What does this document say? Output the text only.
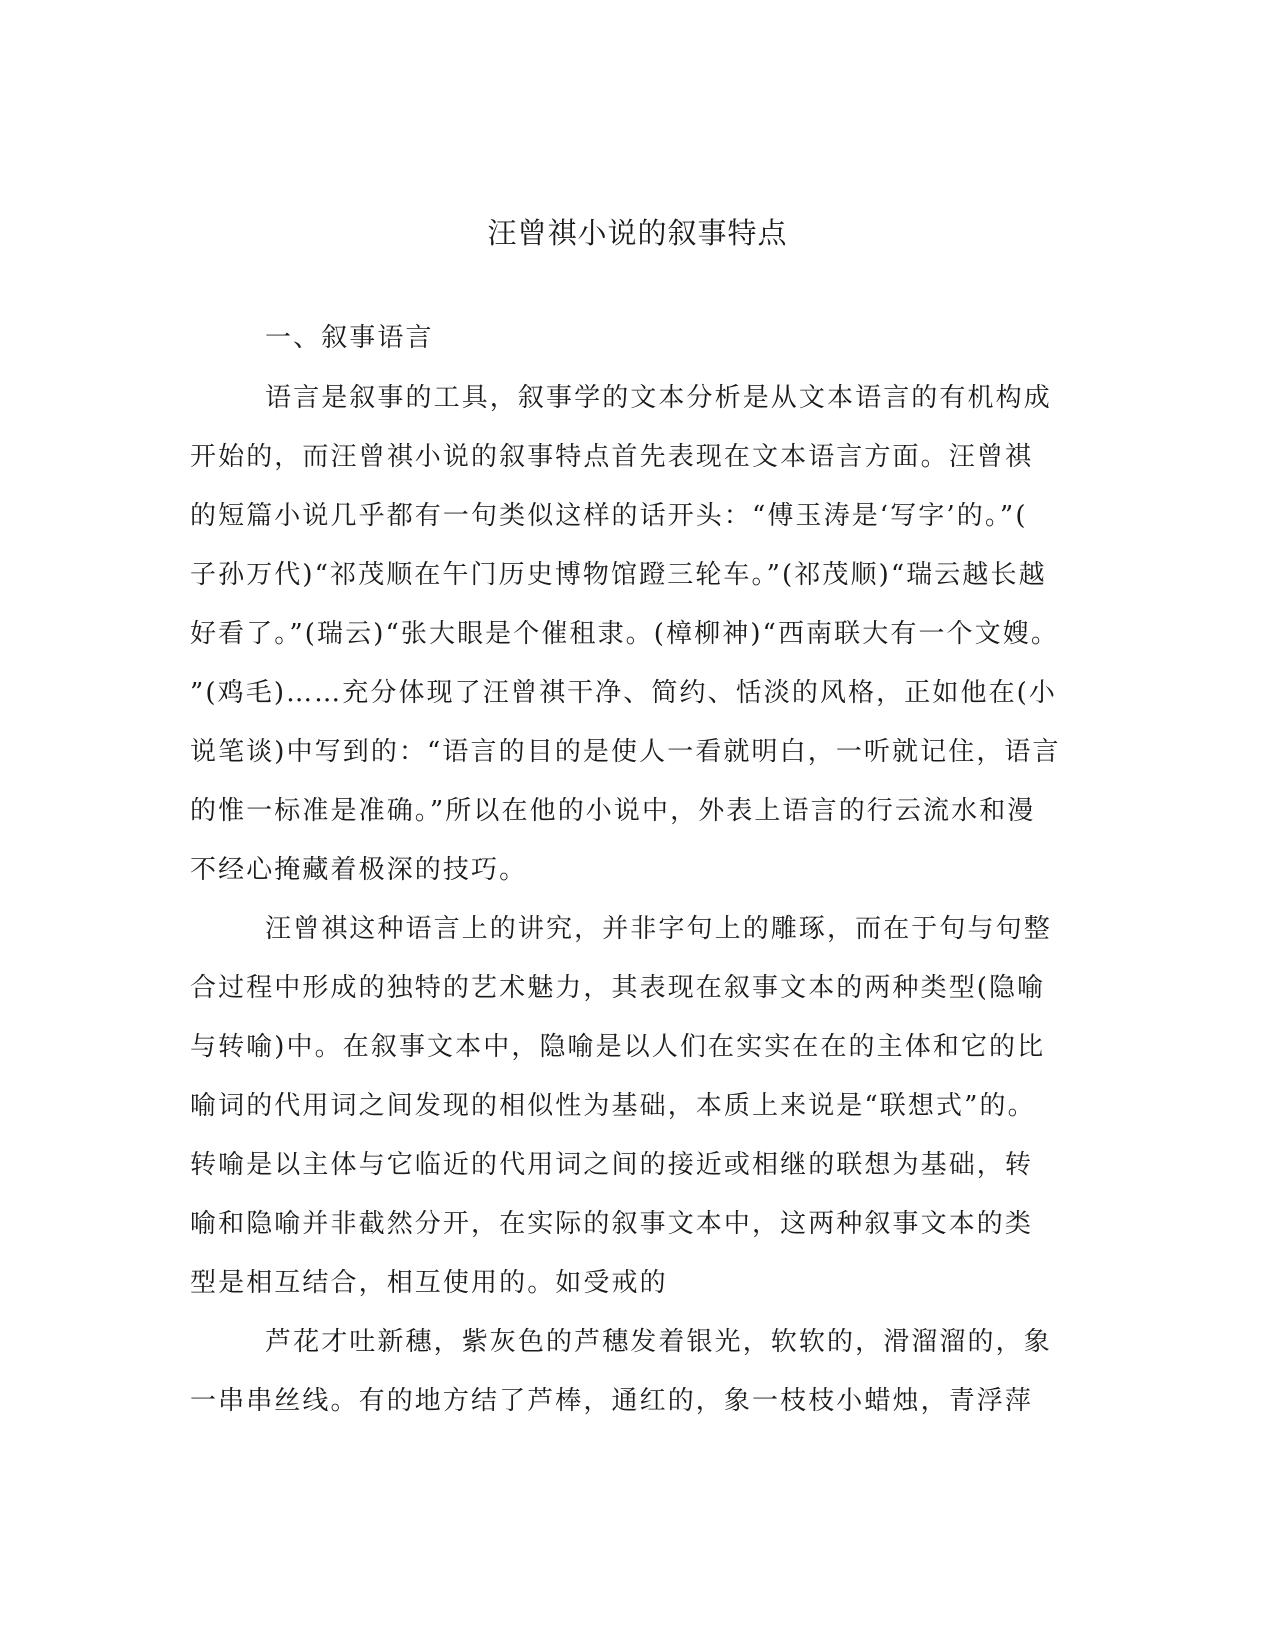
汪曾祺小说的叙事特点
一、叙事语言
语言是叙事的工具，叙事学的文本分析是从文本语言的有机构成
开始的，而汪曾祺小说的叙事特点首先表现在文本语言方面。汪曾祺
的短篇小说几乎都有一句类似这样的话开头：“傅玉涛是‘写字’的。”(
子孙万代)“祁茂顺在午门历史博物馆蹬三轮车。”(祁茂顺)“瑞云越长越
好看了。”(瑞云)“张大眼是个催租隶。(樟柳神)“西南联大有一个文嫂。
”(鸡毛)……充分体现了汪曾祺干净、简约、恬淡的风格，正如他在(小
说笔谈)中写到的：“语言的目的是使人一看就明白，一听就记住，语言
的惟一标准是准确。”所以在他的小说中，外表上语言的行云流水和漫
不经心掩藏着极深的技巧。
汪曾祺这种语言上的讲究，并非字句上的雕琢，而在于句与句整
合过程中形成的独特的艺术魅力，其表现在叙事文本的两种类型(隐喻
与转喻)中。在叙事文本中，隐喻是以人们在实实在在的主体和它的比
喻词的代用词之间发现的相似性为基础，本质上来说是“联想式”的。
转喻是以主体与它临近的代用词之间的接近或相继的联想为基础，转
喻和隐喻并非截然分开，在实际的叙事文本中，这两种叙事文本的类
型是相互结合，相互使用的。如受戒的
芦花才吐新穗，紫灰色的芦穗发着银光，软软的，滑溜溜的，象
一串串丝线。有的地方结了芦棒，通红的，象一枝枝小蜡烛，青浮萍
